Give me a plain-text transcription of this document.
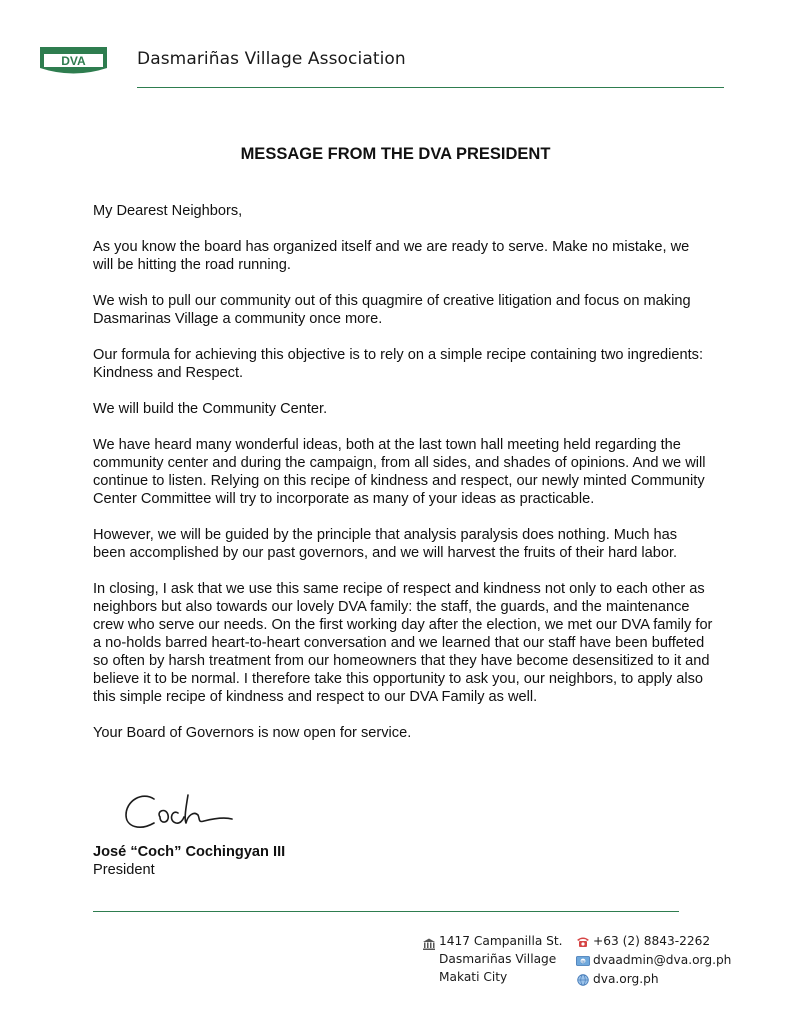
DVA	Dasmariñas Village Association
MESSAGE FROM THE DVA PRESIDENT

My Dearest Neighbors,

As you know the board has organized itself and we are ready to serve. Make no mistake, we will be hitting the road running.

We wish to pull our community out of this quagmire of creative litigation and focus on making Dasmarinas Village a community once more.

Our formula for achieving this objective is to rely on a simple recipe containing two ingredients: Kindness and Respect.

We will build the Community Center.

We have heard many wonderful ideas, both at the last town hall meeting held regarding the community center and during the campaign, from all sides, and shades of opinions. And we will continue to listen. Relying on this recipe of kindness and respect, our newly minted Community Center Committee will try to incorporate as many of your ideas as practicable.

However, we will be guided by the principle that analysis paralysis does nothing. Much has been accomplished by our past governors, and we will harvest the fruits of their hard labor.

In closing, I ask that we use this same recipe of respect and kindness not only to each other as neighbors but also towards our lovely DVA family: the staff, the guards, and the maintenance crew who serve our needs. On the first working day after the election, we met our DVA family for a no-holds barred heart-to-heart conversation and we learned that our staff have been buffeted so often by harsh treatment from our homeowners that they have become desensitized to it and believe it to be normal. I therefore take this opportunity to ask you, our neighbors, to apply also this simple recipe of kindness and respect to our DVA Family as well.

Your Board of Governors is now open for service.

José “Coch” Cochingyan III
President
1417 Campanilla St.
Dasmariñas Village
Makati City
+63 (2) 8843-2262
@ dvaadmin@dva.org.ph
dva.org.ph
